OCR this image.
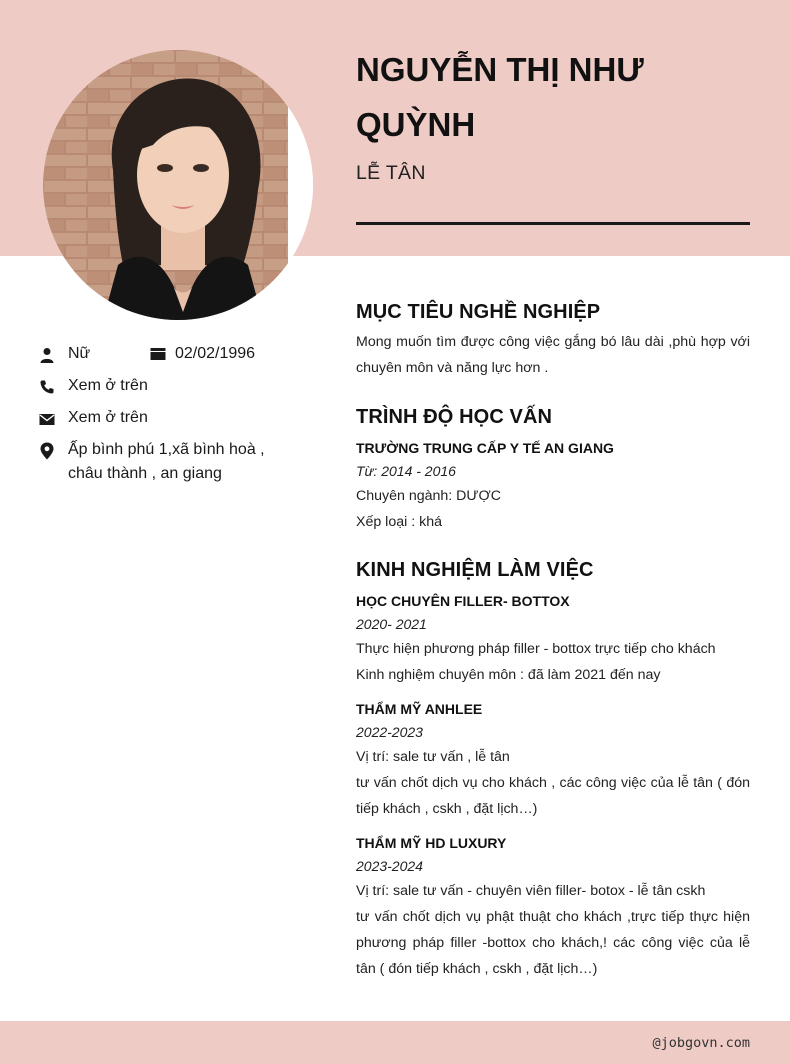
NGUYỄN THỊ NHƯ QUỲNH
LỄ TÂN
Nữ	02/02/1996
Xem ở trên
Xem ở trên
Ấp bình phú 1,xã bình hoà , châu thành , an giang
MỤC TIÊU NGHỀ NGHIỆP
Mong muốn tìm được công việc gắng bó lâu dài ,phù hợp với chuyên môn và năng lực hơn .
TRÌNH ĐỘ HỌC VẤN
TRƯỜNG TRUNG CẤP Y TẾ AN GIANG
Từ: 2014 - 2016
Chuyên ngành: DƯỢC
Xếp loại : khá
KINH NGHIỆM LÀM VIỆC
HỌC CHUYÊN FILLER- BOTTOX
2020- 2021
Thực hiện phương pháp filler - bottox trực tiếp cho khách
Kinh nghiệm chuyên môn : đã làm 2021 đến nay
THẨM MỸ ANHLEE
2022-2023
Vị trí: sale tư vấn , lễ tân
tư vấn chốt dịch vụ cho khách , các công việc của lễ tân ( đón tiếp khách , cskh , đặt lịch…)
THẨM MỸ HD LUXURY
2023-2024
Vị trí: sale tư vấn - chuyên viên filler- botox - lễ tân cskh
tư vấn chốt dịch vụ phật thuật cho khách ,trực tiếp thực hiện phương pháp filler -bottox cho khách,! các công việc của lễ tân ( đón tiếp khách , cskh , đặt lịch…)
@jobgovn.com
